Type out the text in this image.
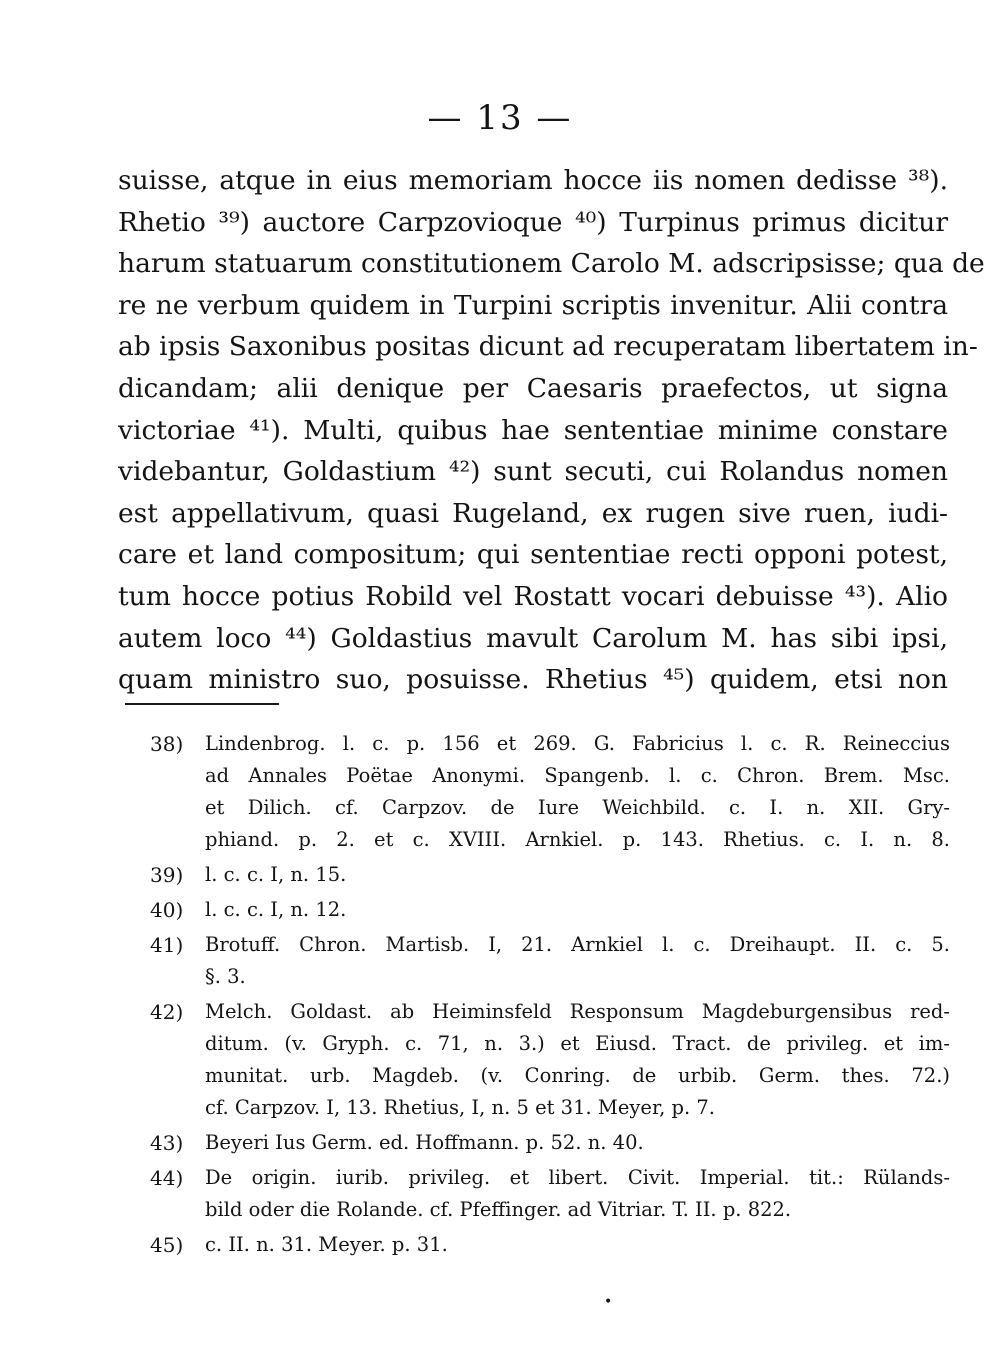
— 13 —
suisse, atque in eius memoriam hocce iis nomen dedisse ³⁸).
Rhetio ³⁹) auctore Carpzovioque ⁴⁰) Turpinus primus dicitur
harum statuarum constitutionem Carolo M. adscripsisse; qua de
re ne verbum quidem in Turpini scriptis invenitur. Alii contra
ab ipsis Saxonibus positas dicunt ad recuperatam libertatem in-
dicandam; alii denique per Caesaris praefectos, ut signa
victoriae ⁴¹). Multi, quibus hae sententiae minime constare
videbantur, Goldastium ⁴²) sunt secuti, cui Rolandus nomen
est appellativum, quasi Rugeland, ex rugen sive ruen, iudi-
care et land compositum; qui sententiae recti opponi potest,
tum hocce potius Robild vel Rostatt vocari debuisse ⁴³). Alio
autem loco ⁴⁴) Goldastius mavult Carolum M. has sibi ipsi,
quam ministro suo, posuisse. Rhetius ⁴⁵) quidem, etsi non
38)	Lindenbrog. l. c. p. 156 et 269. G. Fabricius l. c. R. Reineccius
ad Annales Poëtae Anonymi. Spangenb. l. c. Chron. Brem. Msc.
et Dilich. cf. Carpzov. de Iure Weichbild. c. I. n. XII. Gry-
phiand. p. 2. et c. XVIII. Arnkiel. p. 143. Rhetius. c. I. n. 8.
39)	l. c. c. I, n. 15.
40)	l. c. c. I, n. 12.
41)	Brotuff. Chron. Martisb. I, 21. Arnkiel l. c. Dreihaupt. II. c. 5.
§. 3.
42)	Melch. Goldast. ab Heiminsfeld Responsum Magdeburgensibus red-
ditum. (v. Gryph. c. 71, n. 3.) et Eiusd. Tract. de privileg. et im-
munitat. urb. Magdeb. (v. Conring. de urbib. Germ. thes. 72.)
cf. Carpzov. I, 13. Rhetius, I, n. 5 et 31. Meyer, p. 7.
43)	Beyeri Ius Germ. ed. Hoffmann. p. 52. n. 40.
44)	De origin. iurib. privileg. et libert. Civit. Imperial. tit.: Rülands-
bild oder die Rolande. cf. Pfeffinger. ad Vitriar. T. II. p. 822.
45)	c. II. n. 31. Meyer. p. 31.
•
